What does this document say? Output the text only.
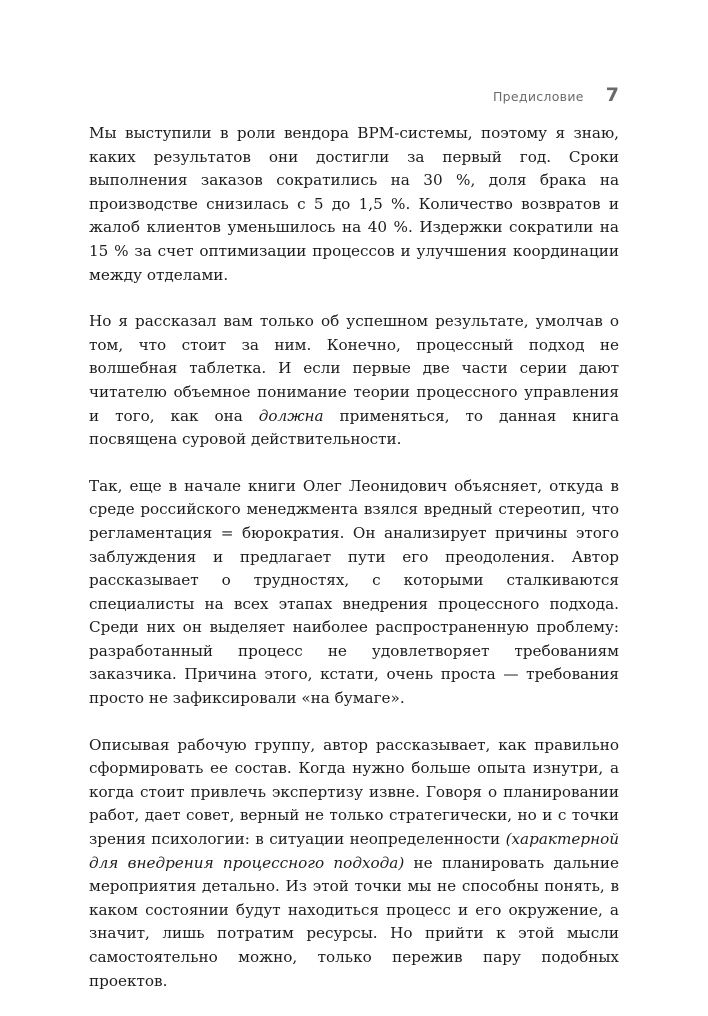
Предисловие 7

Мы выступили в роли вендора BPM-системы, поэтому я знаю, каких результатов они достигли за первый год. Сроки выполнения заказов сократились на 30 %, доля брака на производстве снизилась с 5 до 1,5 %. Количество возвратов и жалоб клиентов уменьшилось на 40 %. Издержки сократили на 15 % за счет оптимизации процессов и улучшения координации между отделами.

Но я рассказал вам только об успешном результате, умолчав о том, что стоит за ним. Конечно, процессный подход не волшебная таблетка. И если первые две части серии дают читателю объемное понимание теории процессного управления и того, как она должна применяться, то данная книга посвящена суровой действительности.

Так, еще в начале книги Олег Леонидович объясняет, откуда в среде российского менеджмента взялся вредный стереотип, что регламентация = бюрократия. Он анализирует причины этого заблуждения и предлагает пути его преодоления. Автор рассказывает о трудностях, с которыми сталкиваются специалисты на всех этапах внедрения процессного подхода. Среди них он выделяет наиболее распространенную проблему: разработанный процесс не удовлетворяет требованиям заказчика. Причина этого, кстати, очень проста — требования просто не зафиксировали «на бумаге».

Описывая рабочую группу, автор рассказывает, как правильно сформировать ее состав. Когда нужно больше опыта изнутри, а когда стоит привлечь экспертизу извне. Говоря о планировании работ, дает совет, верный не только стратегически, но и с точки зрения психологии: в ситуации неопределенности (характерной для внедрения процессного подхода) не планировать дальние мероприятия детально. Из этой точки мы не способны понять, в каком состоянии будут находиться процесс и его окружение, а значит, лишь потратим ресурсы. Но прийти к этой мысли самостоятельно можно, только пережив пару подобных проектов.
